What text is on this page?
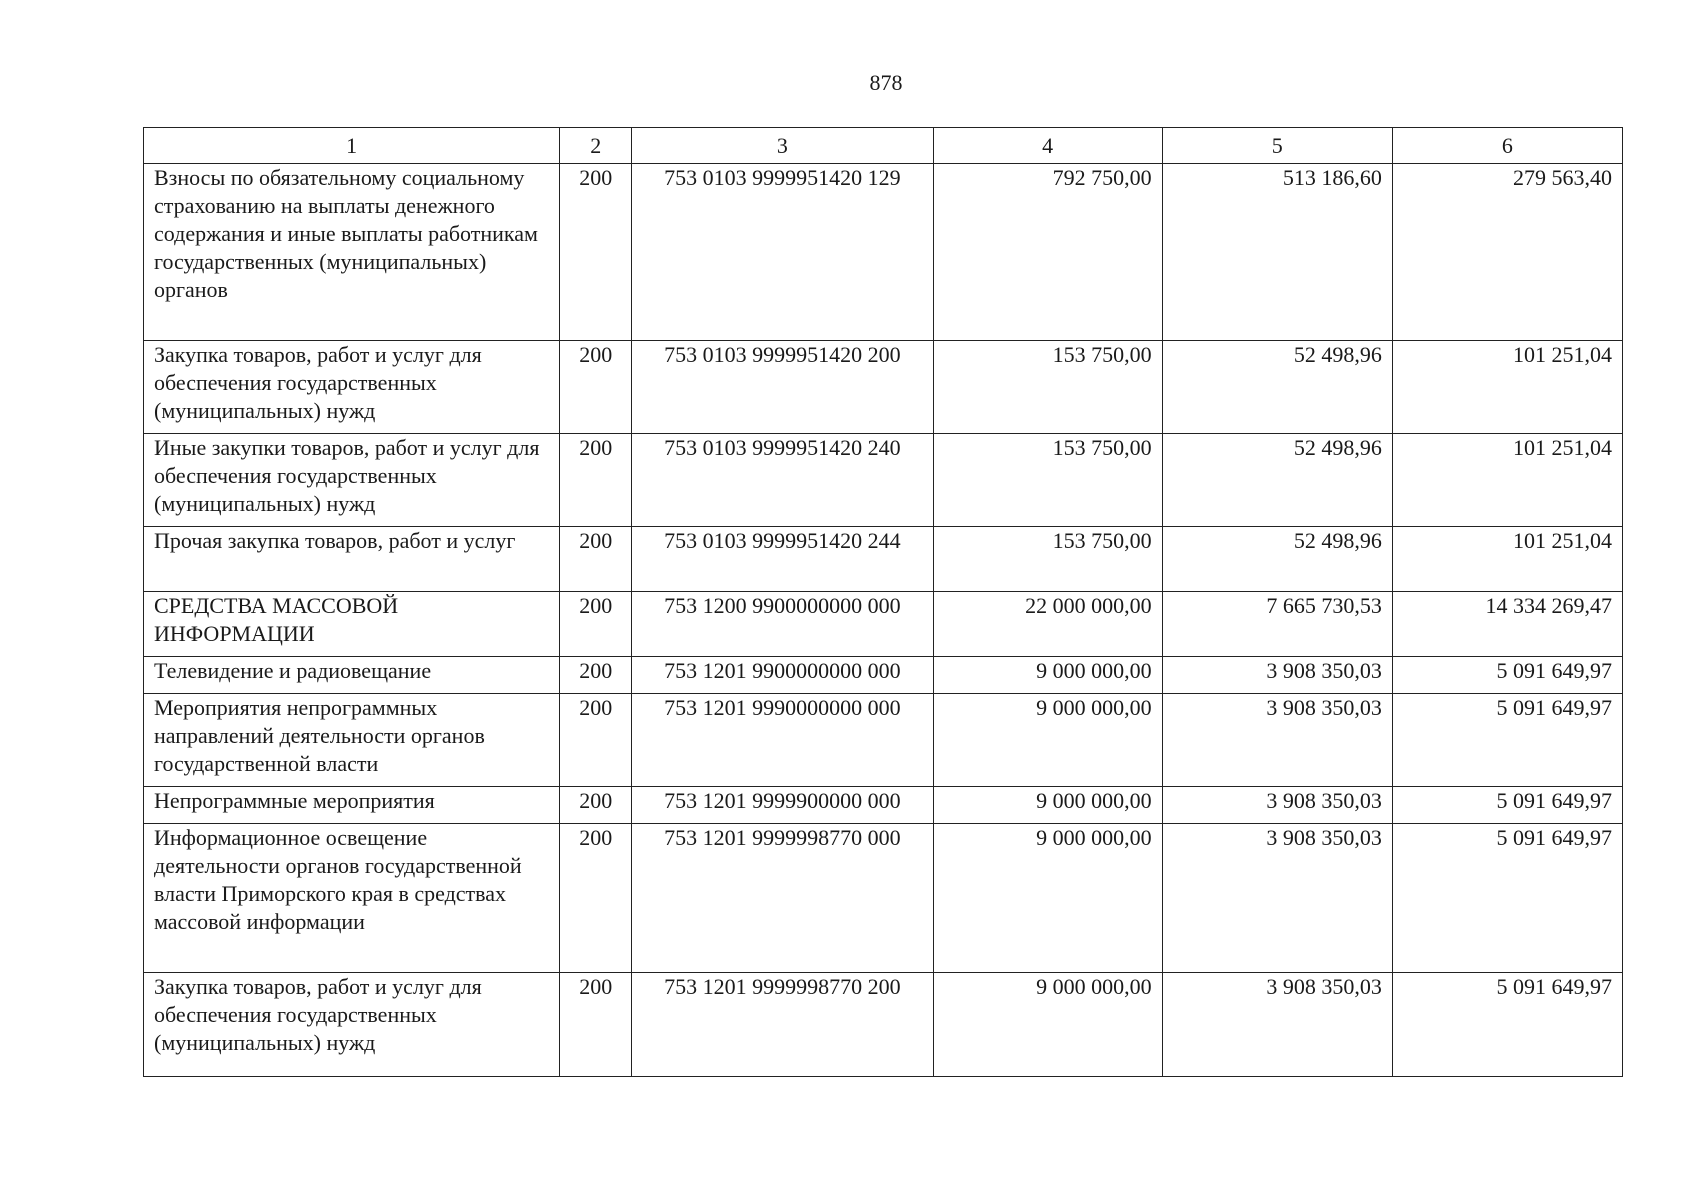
878
1	2	3	4	5	6
Взносы по обязательному социальному страхованию на выплаты денежного содержания и иные выплаты работникам государственных (муниципальных) органов	200	753 0103 9999951420 129	792 750,00	513 186,60	279 563,40
Закупка товаров, работ и услуг для обеспечения государственных (муниципальных) нужд	200	753 0103 9999951420 200	153 750,00	52 498,96	101 251,04
Иные закупки товаров, работ и услуг для обеспечения государственных (муниципальных) нужд	200	753 0103 9999951420 240	153 750,00	52 498,96	101 251,04
Прочая закупка товаров, работ и услуг	200	753 0103 9999951420 244	153 750,00	52 498,96	101 251,04
СРЕДСТВА МАССОВОЙ ИНФОРМАЦИИ	200	753 1200 9900000000 000	22 000 000,00	7 665 730,53	14 334 269,47
Телевидение и радиовещание	200	753 1201 9900000000 000	9 000 000,00	3 908 350,03	5 091 649,97
Мероприятия непрограммных направлений деятельности органов государственной власти	200	753 1201 9990000000 000	9 000 000,00	3 908 350,03	5 091 649,97
Непрограммные мероприятия	200	753 1201 9999900000 000	9 000 000,00	3 908 350,03	5 091 649,97
Информационное освещение деятельности органов государственной власти Приморского края в средствах массовой информации	200	753 1201 9999998770 000	9 000 000,00	3 908 350,03	5 091 649,97
Закупка товаров, работ и услуг для обеспечения государственных (муниципальных) нужд	200	753 1201 9999998770 200	9 000 000,00	3 908 350,03	5 091 649,97
